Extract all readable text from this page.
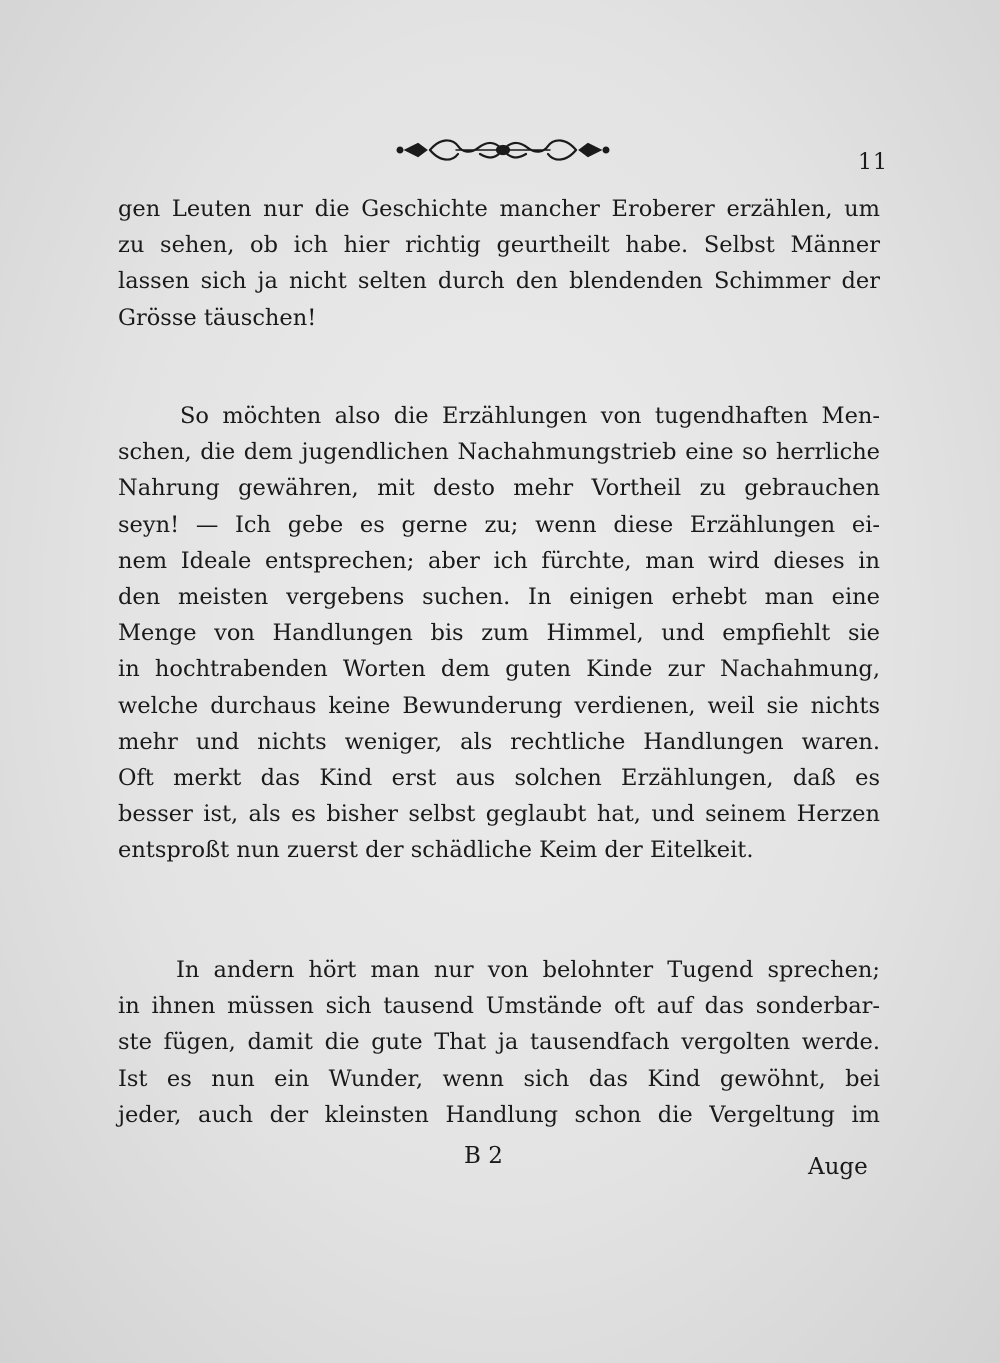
11
gen Leuten nur die Geschichte mancher Eroberer erzählen, um
zu sehen, ob ich hier richtig geurtheilt habe. Selbst Männer
lassen sich ja nicht selten durch den blendenden Schimmer der
Grösse täuschen!
So möchten also die Erzählungen von tugendhaften Men-
schen, die dem jugendlichen Nachahmungstrieb eine so herrliche
Nahrung gewähren, mit desto mehr Vortheil zu gebrauchen
seyn! — Ich gebe es gerne zu; wenn diese Erzählungen ei-
nem Ideale entsprechen; aber ich fürchte, man wird dieses in
den meisten vergebens suchen. In einigen erhebt man eine
Menge von Handlungen bis zum Himmel, und empfiehlt sie
in hochtrabenden Worten dem guten Kinde zur Nachahmung,
welche durchaus keine Bewunderung verdienen, weil sie nichts
mehr und nichts weniger, als rechtliche Handlungen waren.
Oft merkt das Kind erst aus solchen Erzählungen, daß es
besser ist, als es bisher selbst geglaubt hat, und seinem Herzen
entsproßt nun zuerst der schädliche Keim der Eitelkeit.
In andern hört man nur von belohnter Tugend sprechen;
in ihnen müssen sich tausend Umstände oft auf das sonderbar-
ste fügen, damit die gute That ja tausendfach vergolten werde.
Ist es nun ein Wunder, wenn sich das Kind gewöhnt, bei
jeder, auch der kleinsten Handlung schon die Vergeltung im
B 2	Auge
